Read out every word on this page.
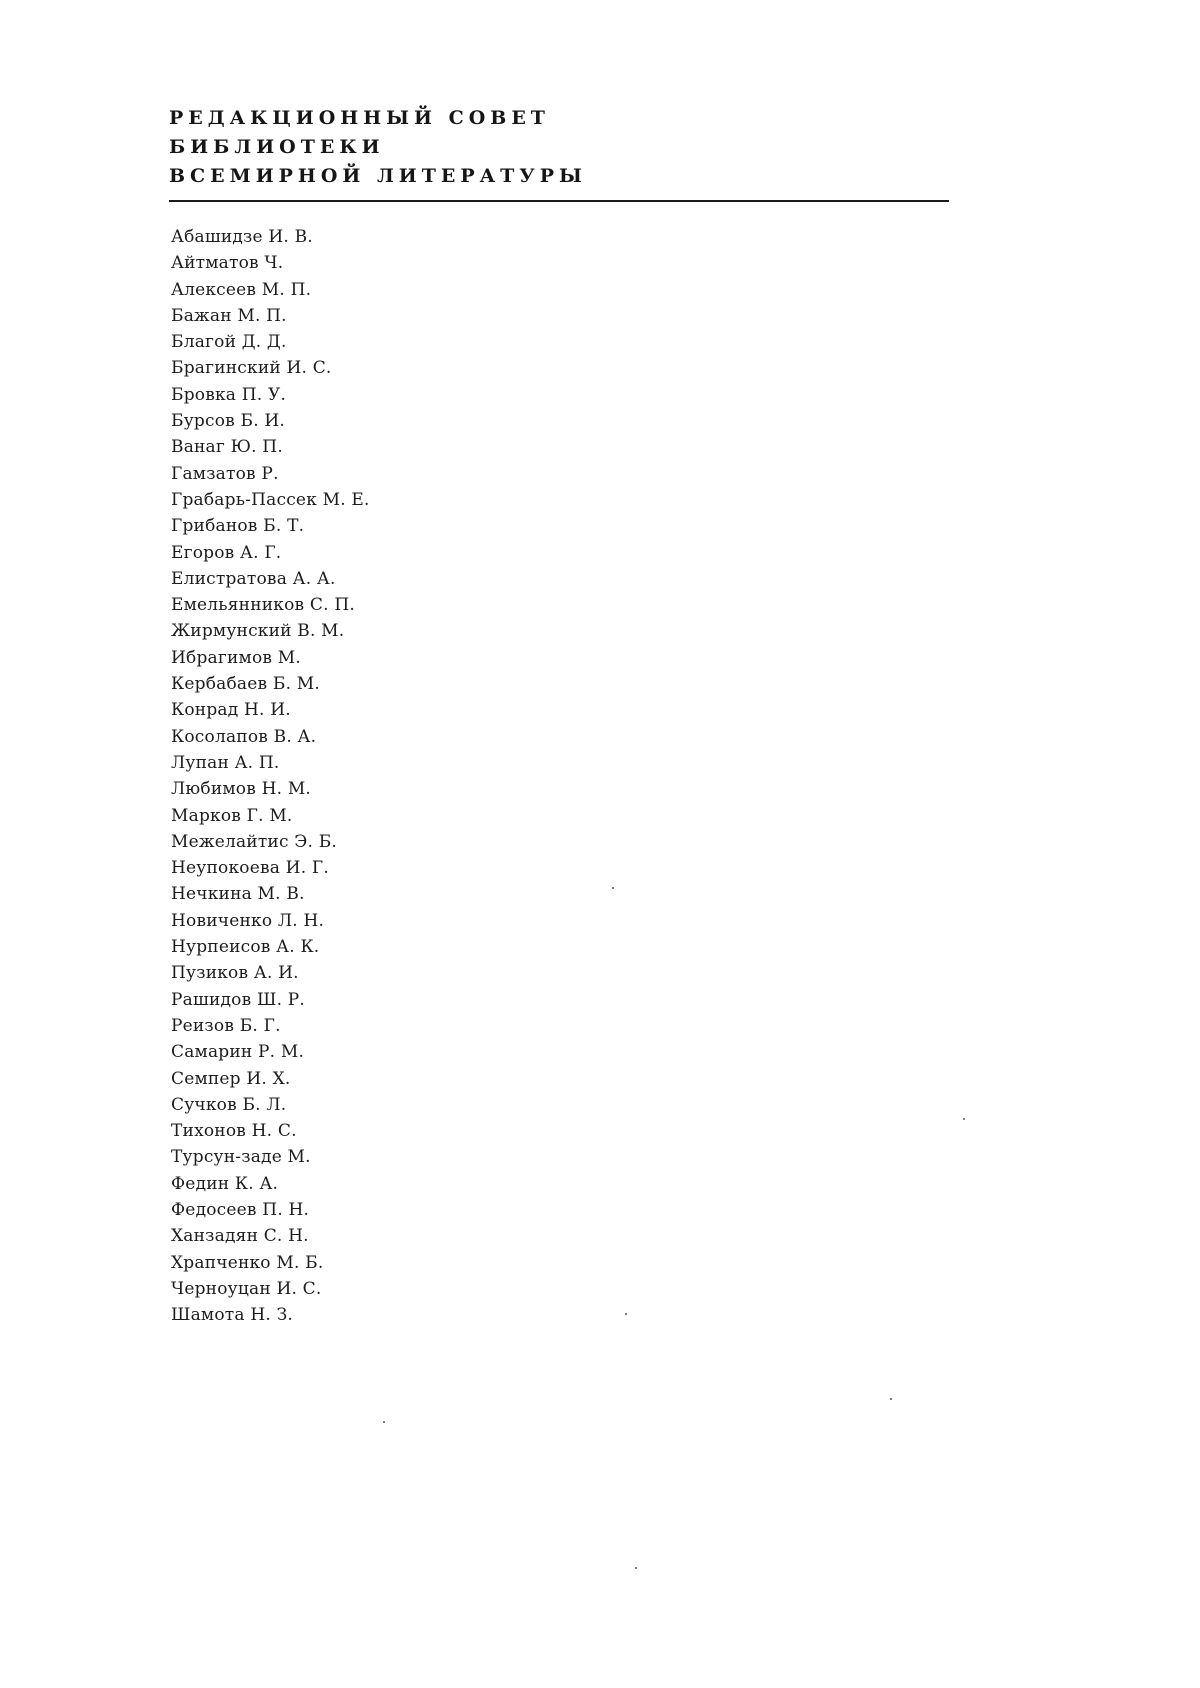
РЕДАКЦИОННЫЙ СОВЕТ
БИБЛИОТЕКИ
ВСЕМИРНОЙ ЛИТЕРАТУРЫ
Абашидзе И. В.
Айтматов Ч.
Алексеев М. П.
Бажан М. П.
Благой Д. Д.
Брагинский И. С.
Бровка П. У.
Бурсов Б. И.
Ванаг Ю. П.
Гамзатов Р.
Грабарь-Пассек М. Е.
Грибанов Б. Т.
Егоров А. Г.
Елистратова А. А.
Емельянников С. П.
Жирмунский В. М.
Ибрагимов М.
Кербабаев Б. М.
Конрад Н. И.
Косолапов В. А.
Лупан А. П.
Любимов Н. М.
Марков Г. М.
Межелайтис Э. Б.
Неупокоева И. Г.
Нечкина М. В.
Новиченко Л. Н.
Нурпеисов А. К.
Пузиков А. И.
Рашидов Ш. Р.
Реизов Б. Г.
Самарин Р. М.
Семпер И. Х.
Сучков Б. Л.
Тихонов Н. С.
Турсун-заде М.
Федин К. А.
Федосеев П. Н.
Ханзадян С. Н.
Храпченко М. Б.
Черноуцан И. С.
Шамота Н. З.
